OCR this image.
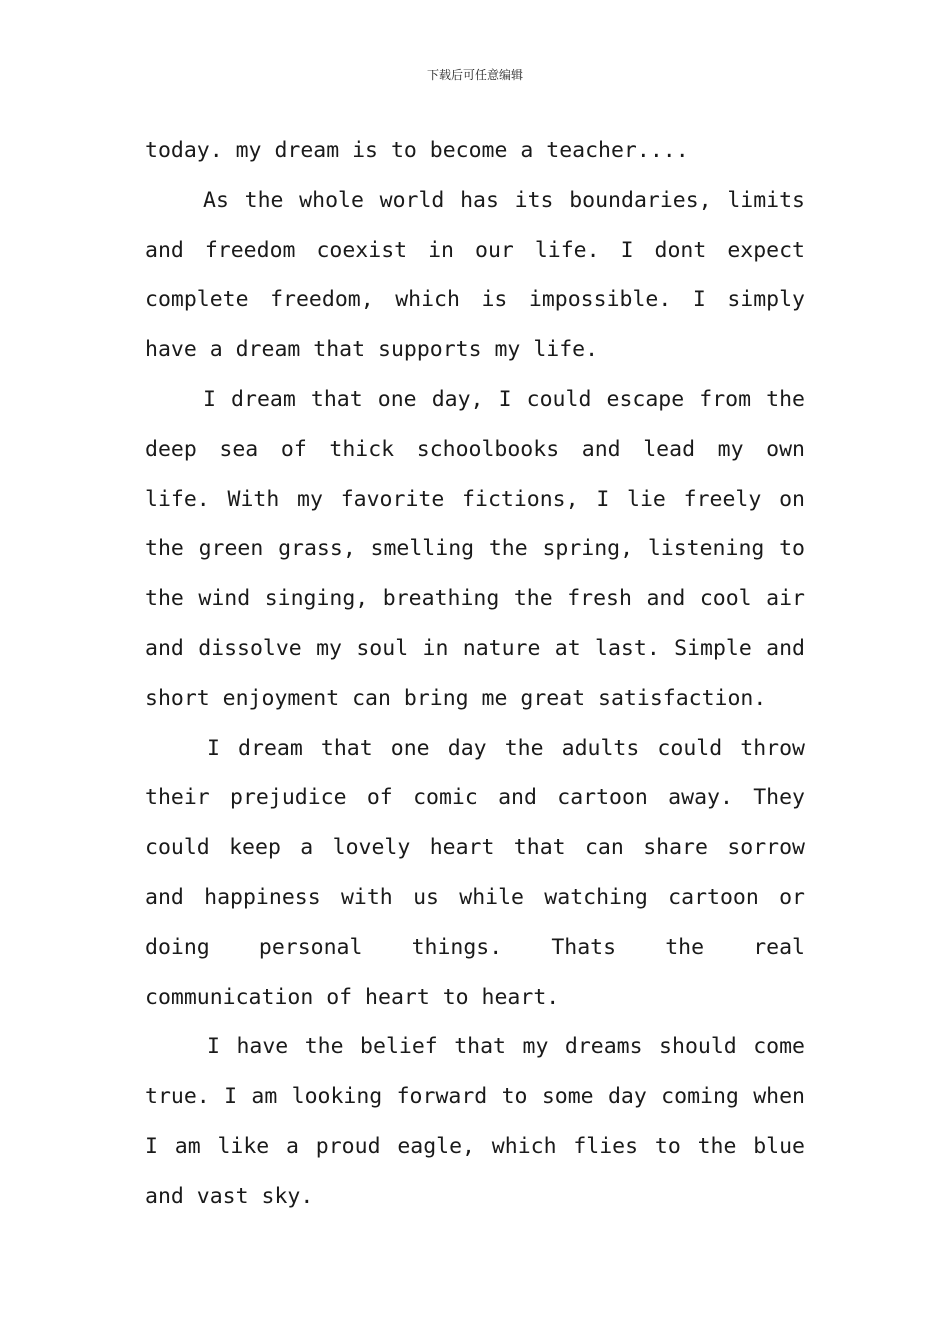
下载后可任意编辑

today. my dream is to become a teacher....

As the whole world has its boundaries, limits and freedom coexist in our life. I dont expect complete freedom, which is impossible. I simply have a dream that supports my life.

I dream that one day, I could escape from the deep sea of thick schoolbooks and lead my own life. With my favorite fictions, I lie freely on the green grass, smelling the spring, listening to the wind singing, breathing the fresh and cool air and dissolve my soul in nature at last. Simple and short enjoyment can bring me great satisfaction.

I dream that one day the adults could throw their prejudice of comic and cartoon away. They could keep a lovely heart that can share sorrow and happiness with us while watching cartoon or doing personal things. Thats the real communication of heart to heart.

I have the belief that my dreams should come true. I am looking forward to some day coming when I am like a proud eagle, which flies to the blue and vast sky.
